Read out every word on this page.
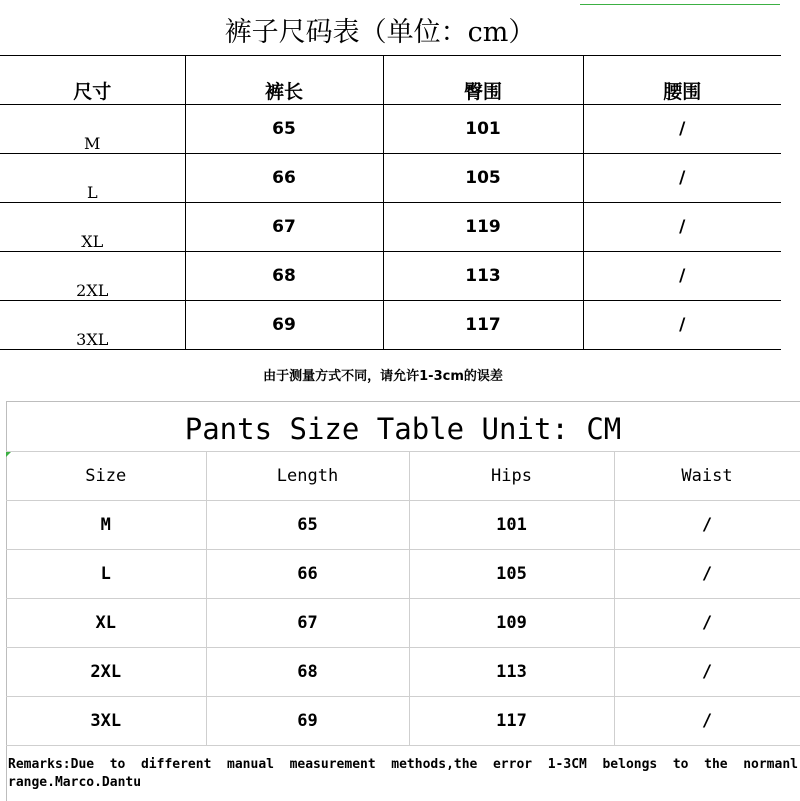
裤子尺码表（单位：cm）
尺寸	裤长	臀围	腰围
M	65	101	/
L	66	105	/
XL	67	119	/
2XL	68	113	/
3XL	69	117	/
由于测量方式不同，请允许1-3cm的误差
Pants Size Table Unit: CM
Size	Length	Hips	Waist
M	65	101	/
L	66	105	/
XL	67	109	/
2XL	68	113	/
3XL	69	117	/
Remarks:Due to different manual measurement methods,the error 1-3CM belongs to the normanl range.Marco.Dantu
